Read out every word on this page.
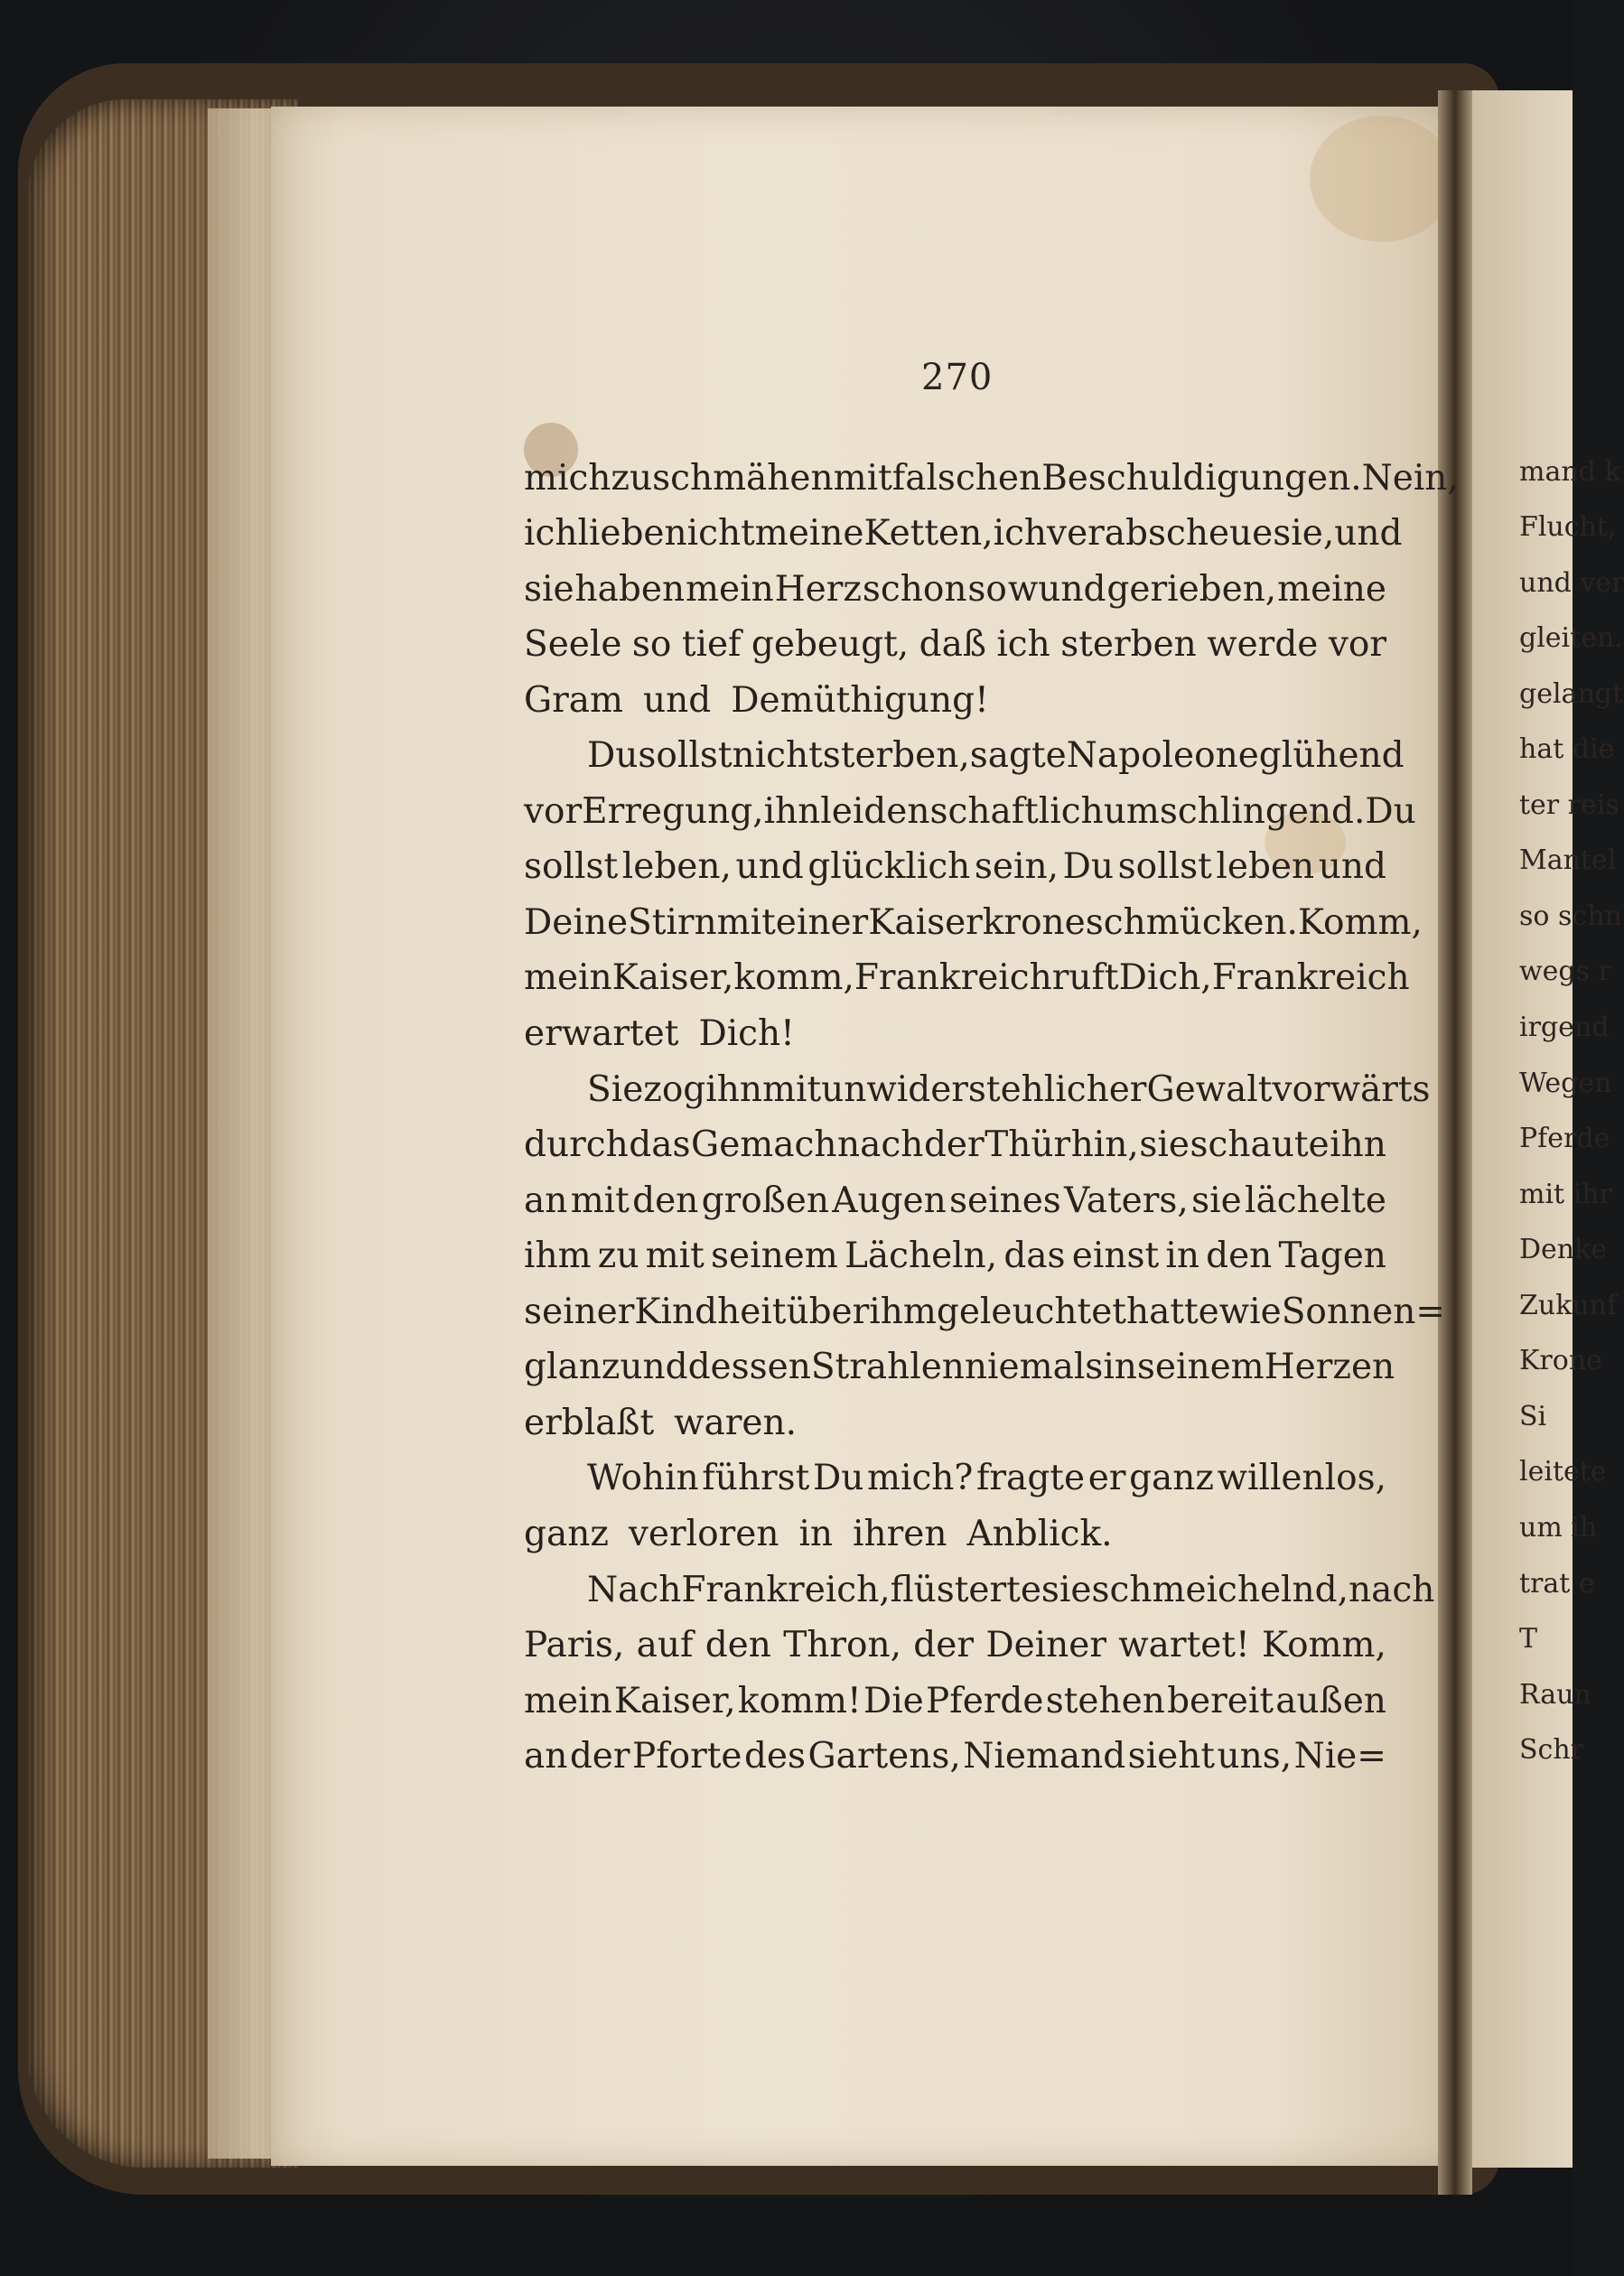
mand k
Flucht,
und ver
gleiten.
gelangt
hat die
ter reis
Mantel
so schn
wegs r
irgend
Wegen
Pferde
mit ihr
Denke
Zukunf
Krone
Si
leitete
um ih
trat e
T
Raun
Schr
270
mich zu schmähen mit falschen Beschuldigungen. Nein,
ich liebe nicht meine Ketten, ich verabscheue sie, und
sie haben mein Herz schon so wund gerieben, meine
Seele so tief gebeugt, daß ich sterben werde vor
Gram und Demüthigung!
Du sollst nicht sterben, sagte Napoleone glühend
vor Erregung, ihn leidenschaftlich umschlingend. Du
sollst leben, und glücklich sein, Du sollst leben und
Deine Stirn mit einer Kaiserkrone schmücken. Komm,
mein Kaiser, komm, Frankreich ruft Dich, Frankreich
erwartet Dich!
Sie zog ihn mit unwiderstehlicher Gewalt vorwärts
durch das Gemach nach der Thür hin, sie schaute ihn
an mit den großen Augen seines Vaters, sie lächelte
ihm zu mit seinem Lächeln, das einst in den Tagen
seiner Kindheit über ihm geleuchtet hatte wie Sonnen=
glanz und dessen Strahlen niemals in seinem Herzen
erblaßt waren.
Wohin führst Du mich? fragte er ganz willenlos,
ganz verloren in ihren Anblick.
Nach Frankreich, flüsterte sie schmeichelnd, nach
Paris, auf den Thron, der Deiner wartet! Komm,
mein Kaiser, komm! Die Pferde stehen bereit außen
an der Pforte des Gartens, Niemand sieht uns, Nie=
